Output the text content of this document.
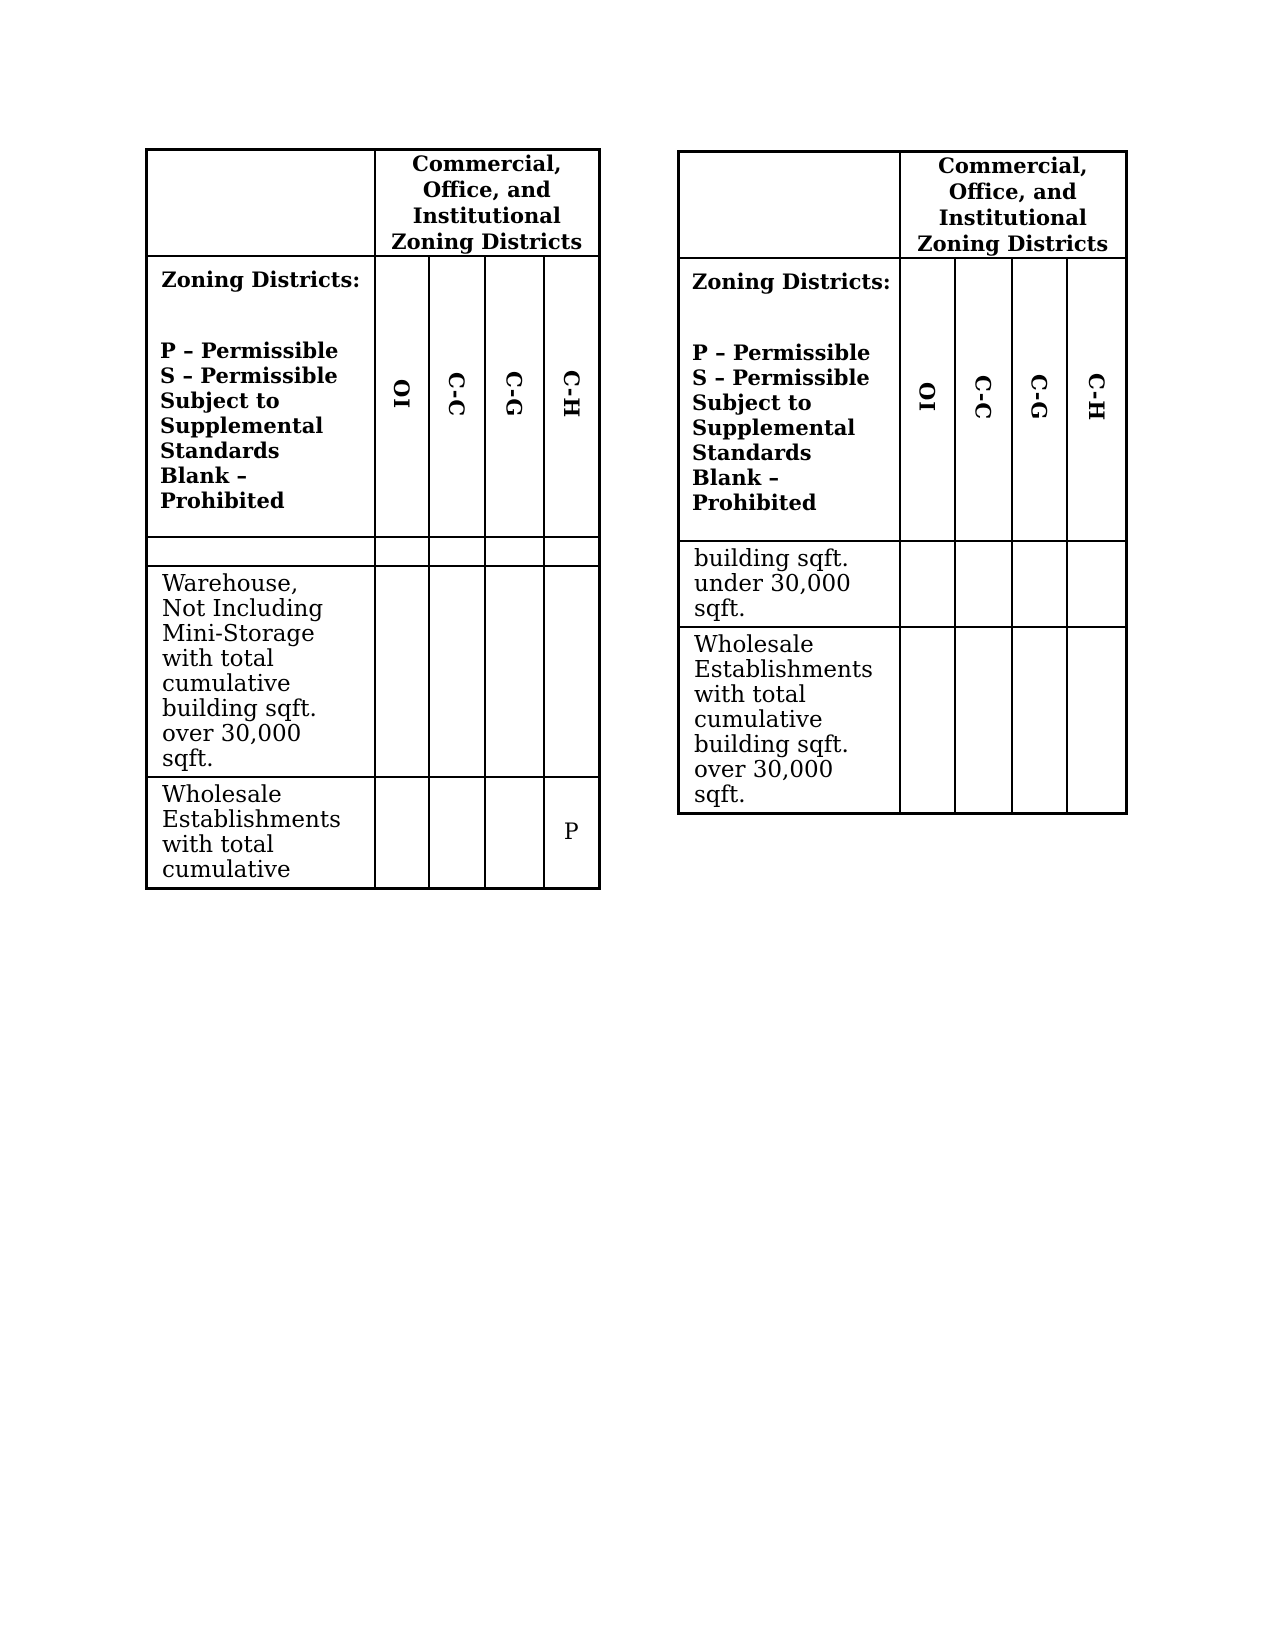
	Commercial, Office, and Institutional Zoning Districts			

Zoning Districts:
P – Permissible
S – Permissible
Subject to
Supplemental
Standards
Blank – Prohibited
	OI	C-C	C-G	C-H

Warehouse, Not Including Mini-Storage with total cumulative building sqft. over 30,000 sqft.				
Wholesale Establishments with total cumulative				P
	Commercial, Office, and Institutional Zoning Districts			

Zoning Districts:
P – Permissible
S – Permissible
Subject to
Supplemental
Standards
Blank – Prohibited
	OI	C-C	C-G	C-H
building sqft. under 30,000 sqft.				
Wholesale Establishments with total cumulative building sqft. over 30,000 sqft.				
